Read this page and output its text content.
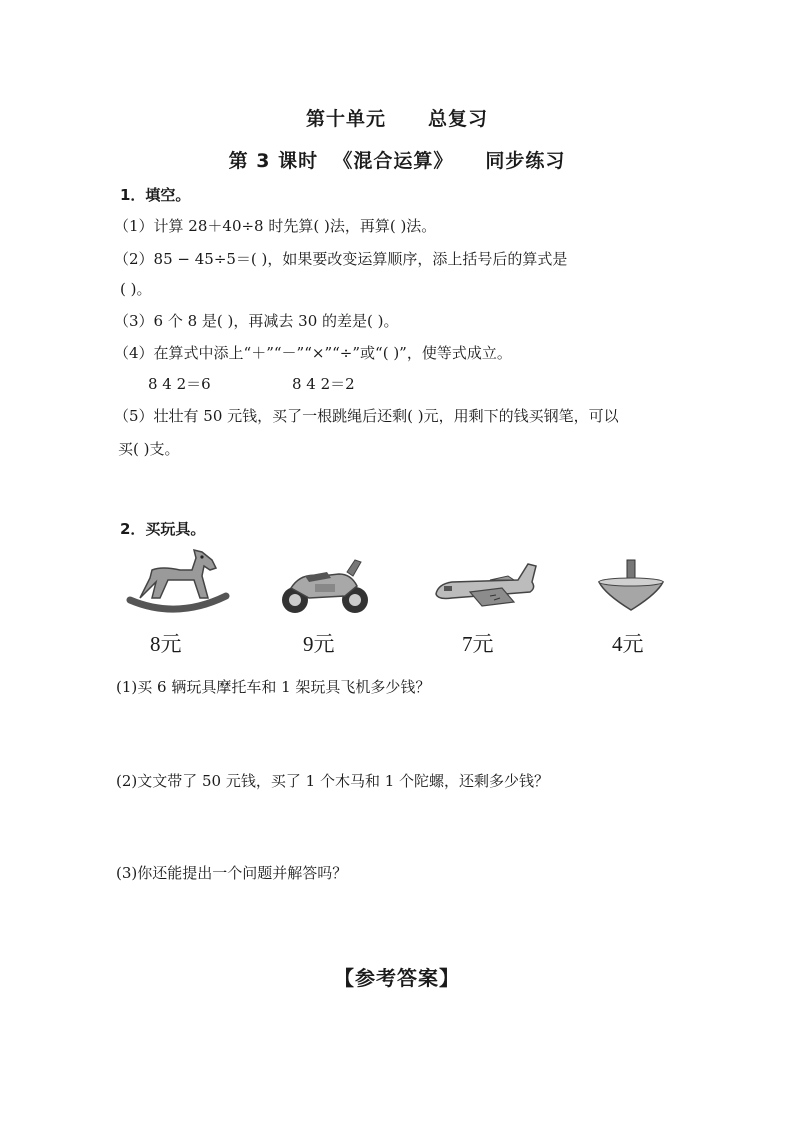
第十单元 总复习
第 3 课时 《混合运算》 同步练习
1．填空。
（1）计算 28＋40÷8 时先算( )法，再算( )法。
（2）85 − 45÷5＝( )，如果要改变运算顺序，添上括号后的算式是
( )。
（3）6 个 8 是( )，再减去 30 的差是( )。
（4）在算式中添上“＋”“－”“×”“÷”或“( )”，使等式成立。
8 4 2＝6	8 4 2＝2
（5）壮壮有 50 元钱，买了一根跳绳后还剩( )元，用剩下的钱买钢笔，可以
买( )支。
2．买玩具。
8元	9元	7元	4元
(1)买 6 辆玩具摩托车和 1 架玩具飞机多少钱？
(2)文文带了 50 元钱，买了 1 个木马和 1 个陀螺，还剩多少钱？
(3)你还能提出一个问题并解答吗？
【参考答案】
